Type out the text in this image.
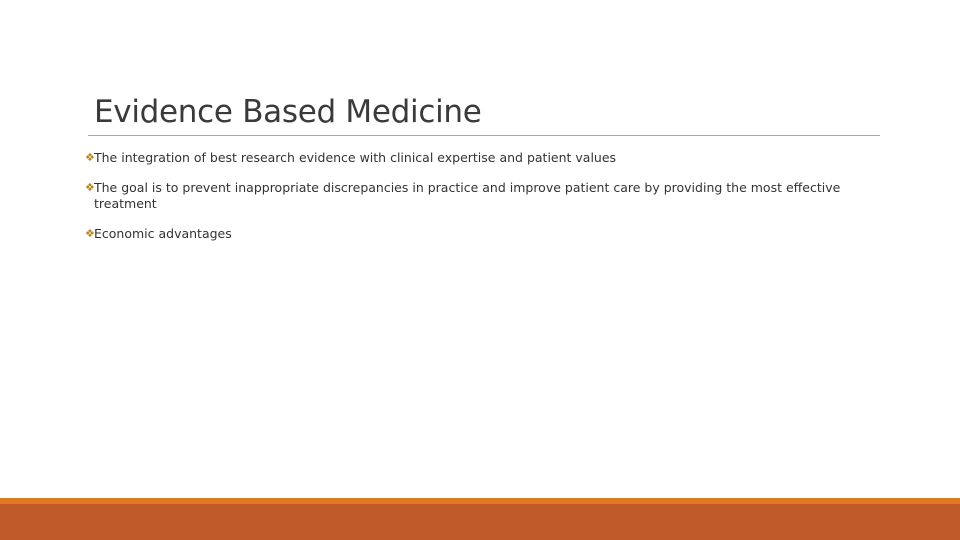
Evidence Based Medicine
❖ The integration of best research evidence with clinical expertise and patient values
❖ The goal is to prevent inappropriate discrepancies in practice and improve patient care by providing the most effective treatment
❖ Economic advantages
